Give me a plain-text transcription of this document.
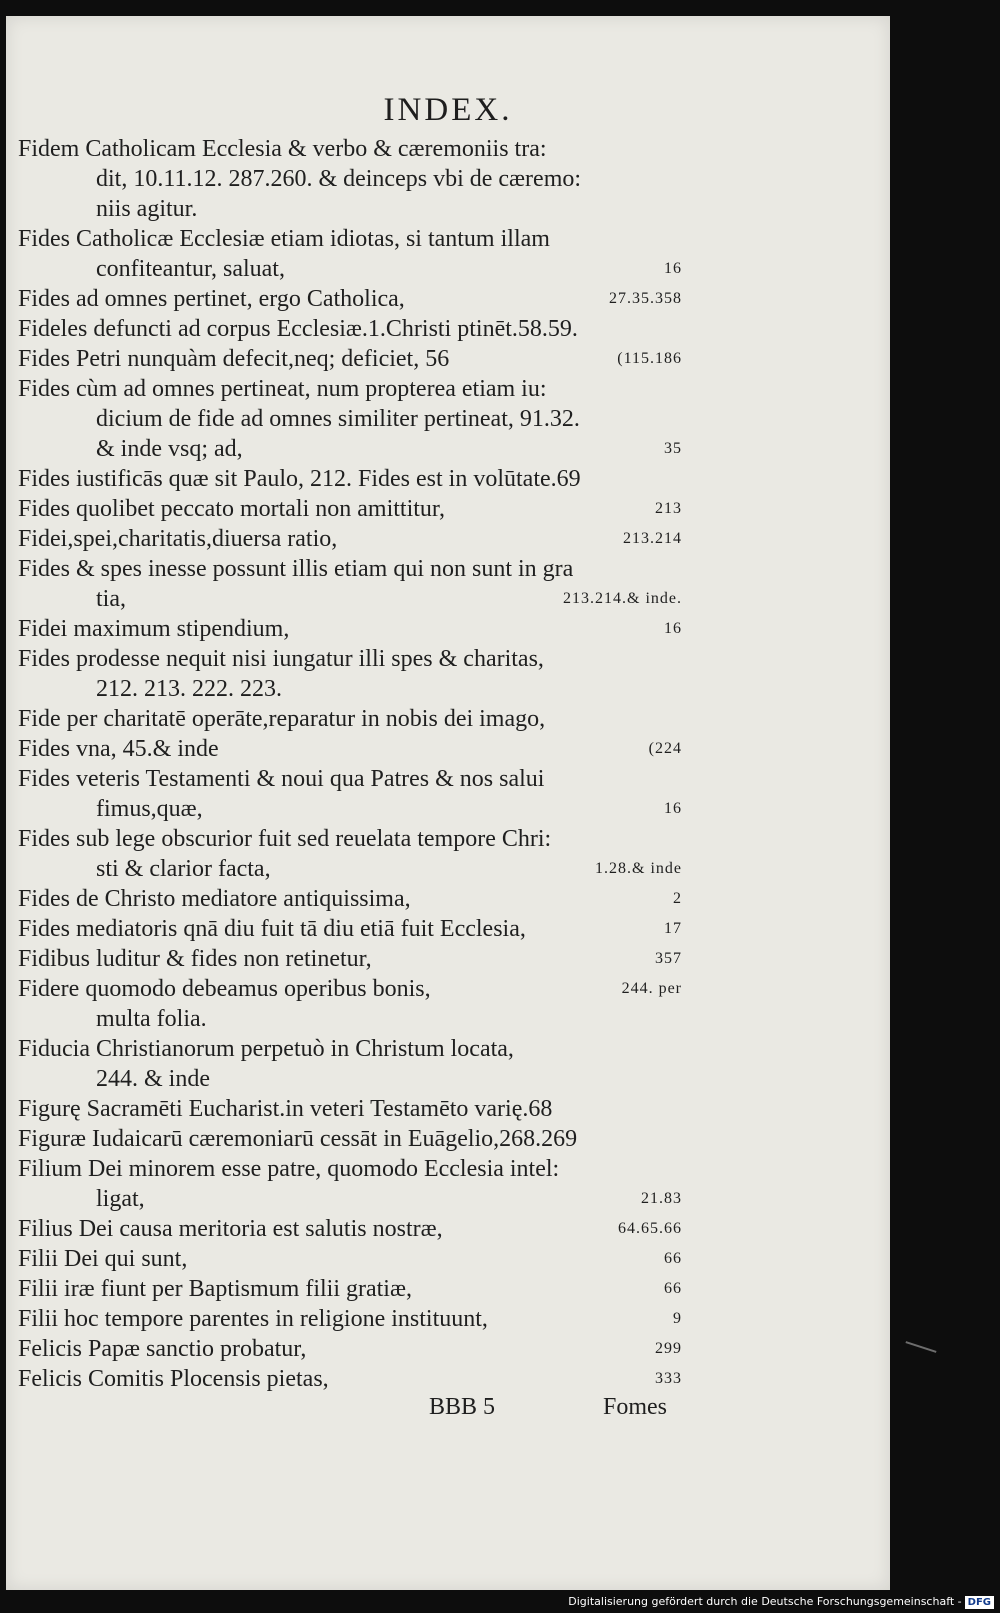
INDEX.
Fidem Catholicam Ecclesia & verbo & cæremoniis tra:
dit, 10.11.12. 287.260. & deinceps vbi de cæremo:
niis agitur.
Fides Catholicæ Ecclesiæ etiam idiotas, si tantum illam
confiteantur, saluat,	16
Fides ad omnes pertinet, ergo Catholica,	27.35.358
Fideles defuncti ad corpus Ecclesiæ.1.Christi ptinēt.58.59.
Fides Petri nunquàm defecit,neq; deficiet, 56	(115.186
Fides cùm ad omnes pertineat, num propterea etiam iu:
dicium de fide ad omnes similiter pertineat, 91.32.
& inde vsq; ad,	35
Fides iustificās quæ sit Paulo, 212. Fides est in volūtate.69
Fides quolibet peccato mortali non amittitur,	213
Fidei,spei,charitatis,diuersa ratio,	213.214
Fides & spes inesse possunt illis etiam qui non sunt in gra
tia,	213.214.& inde.
Fidei maximum stipendium,	16
Fides prodesse nequit nisi iungatur illi spes & charitas,
212. 213. 222. 223.
Fide per charitatē operāte,reparatur in nobis dei imago,
Fides vna, 45.& inde	(224
Fides veteris Testamenti & noui qua Patres & nos salui
fimus,quæ,	16
Fides sub lege obscurior fuit sed reuelata tempore Chri:
sti & clarior facta,	1.28.& inde
Fides de Christo mediatore antiquissima,	2
Fides mediatoris qnā diu fuit tā diu etiā fuit Ecclesia,	17
Fidibus luditur & fides non retinetur,	357
Fidere quomodo debeamus operibus bonis,	244. per
multa folia.
Fiducia Christianorum perpetuò in Christum locata,
244. & inde
Figurę Sacramēti Eucharist.in veteri Testamēto varię.68
Figuræ Iudaicarū cæremoniarū cessāt in Euāgelio,268.269
Filium Dei minorem esse patre, quomodo Ecclesia intel:
ligat,	21.83
Filius Dei causa meritoria est salutis nostræ,	64.65.66
Filii Dei qui sunt,	66
Filii iræ fiunt per Baptismum filii gratiæ,	66
Filii hoc tempore parentes in religione instituunt,	9
Felicis Papæ sanctio probatur,	299
Felicis Comitis Plocensis pietas,	333
BBB 5	Fomes
Digitalisierung gefördert durch die Deutsche Forschungsgemeinschaft - DFG
